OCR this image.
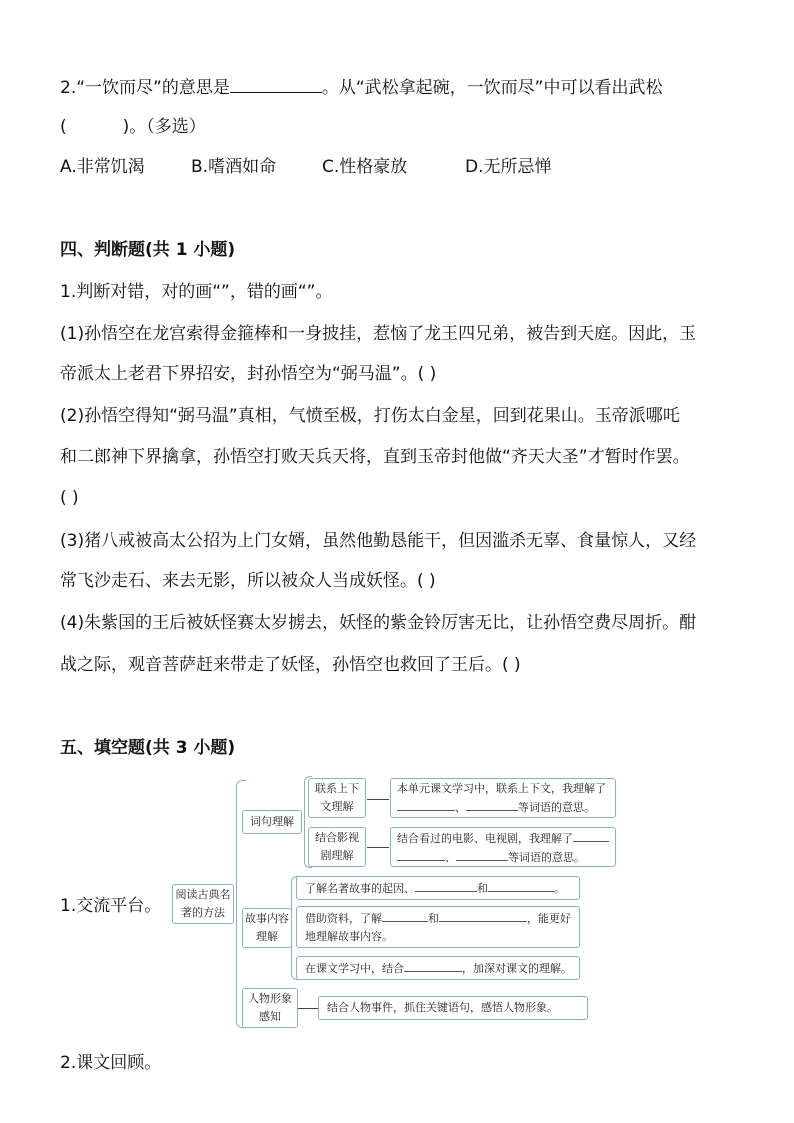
2.“一饮而尽”的意思是	。从“武松拿起碗，一饮而尽”中可以看出武松
(	)。（多选）
A.非常饥渴	B.嗜酒如命	C.性格豪放	D.无所忌惮
四、判断题(共 1 小题)
1.判断对错，对的画“”，错的画“”。
(1)孙悟空在龙宫索得金箍棒和一身披挂，惹恼了龙王四兄弟，被告到天庭。因此，玉
帝派太上老君下界招安，封孙悟空为“弼马温”。( )
(2)孙悟空得知“弼马温”真相，气愤至极，打伤太白金星，回到花果山。玉帝派哪吒
和二郎神下界擒拿，孙悟空打败天兵天将，直到玉帝封他做“齐天大圣”才暂时作罢。
( )
(3)猪八戒被高太公招为上门女婿，虽然他勤恳能干，但因滥杀无辜、食量惊人，又经
常飞沙走石、来去无影，所以被众人当成妖怪。( )
(4)朱紫国的王后被妖怪赛太岁掳去，妖怪的紫金铃厉害无比，让孙悟空费尽周折。酣
战之际，观音菩萨赶来带走了妖怪，孙悟空也救回了王后。( )
五、填空题(共 3 小题)
1.交流平台。
阅读古典名著的方法
词句理解
联系上下文理解
本单元课文学习中，联系上下文，我理解了
、	等词语的意思。
结合影视剧理解
结合看过的电影、电视剧，我理解了
、	等词语的意思。
故事内容理解
了解名著故事的起因、	和	。
借助资料，了解	和	，能更好
地理解故事内容。
在课文学习中，结合	，加深对课文的理解。
人物形象感知
结合人物事件，抓住关键语句，感悟人物形象。
2.课文回顾。
